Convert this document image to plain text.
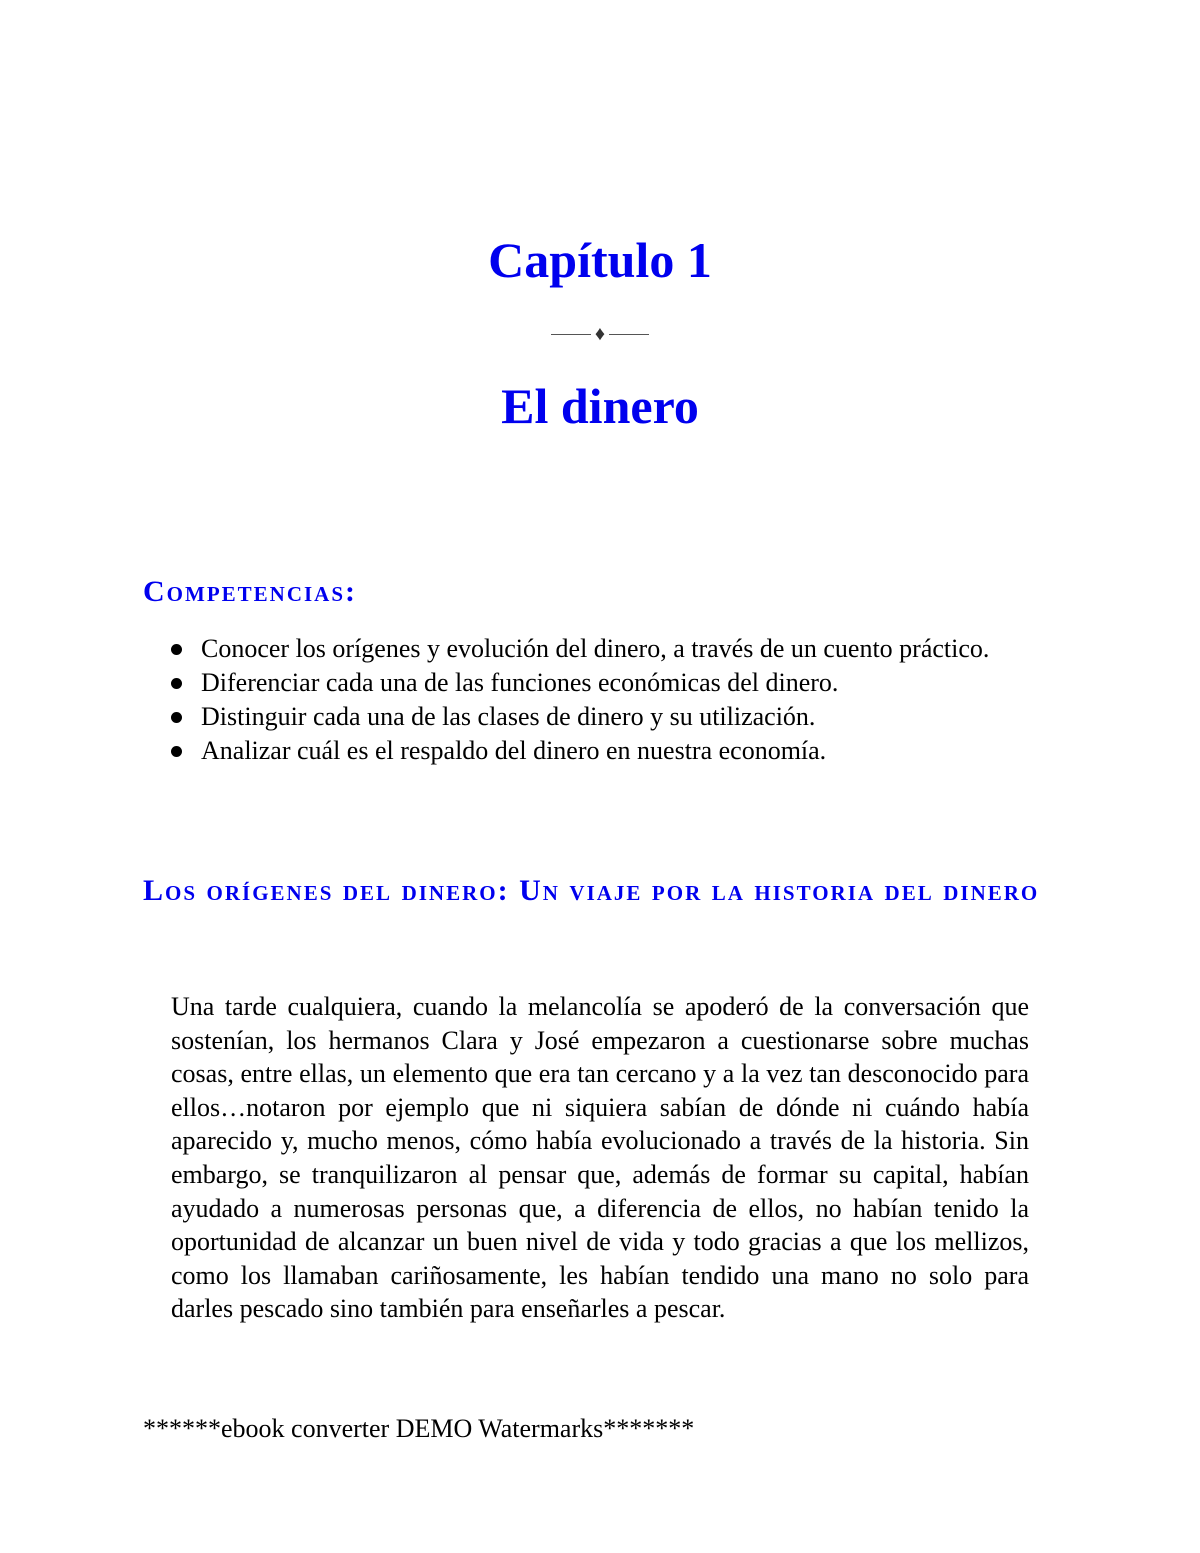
Capítulo 1
♦
El dinero
Competencias:
Conocer los orígenes y evolución del dinero, a través de un cuento práctico.
Diferenciar cada una de las funciones económicas del dinero.
Distinguir cada una de las clases de dinero y su utilización.
Analizar cuál es el respaldo del dinero en nuestra economía.
Los orígenes del dinero: Un viaje por la historia del dinero

Una tarde cualquiera, cuando la melancolía se apoderó de la conversación que sostenían, los hermanos Clara y José empezaron a cuestionarse sobre muchas cosas, entre ellas, un elemento que era tan cercano y a la vez tan desconocido para ellos…notaron por ejemplo que ni siquiera sabían de dónde ni cuándo había aparecido y, mucho menos, cómo había evolucionado a través de la historia. Sin embargo, se tranquilizaron al pensar que, además de formar su capital, habían ayudado a numerosas personas que, a diferencia de ellos, no habían tenido la oportunidad de alcanzar un buen nivel de vida y todo gracias a que los mellizos, como los llamaban cariñosamente, les habían tendido una mano no solo para darles pescado sino también para enseñarles a pescar.

******ebook converter DEMO Watermarks*******
